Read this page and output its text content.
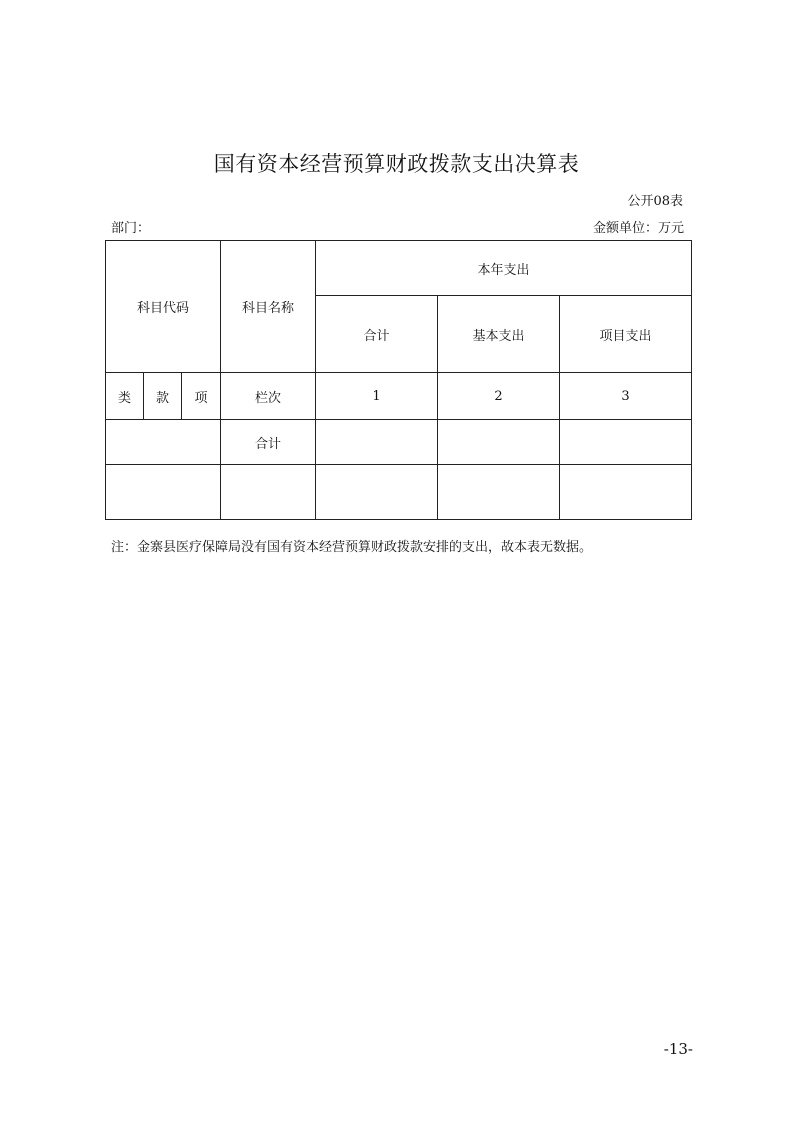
国有资本经营预算财政拨款支出决算表
公开08表
部门：	金额单位：万元
科目代码			科目名称	本年支出		
				合计	基本支出	项目支出
类	款	项	栏次	1	2	3
			合计			

注：金寨县医疗保障局没有国有资本经营预算财政拨款安排的支出，故本表无数据。
-13-
